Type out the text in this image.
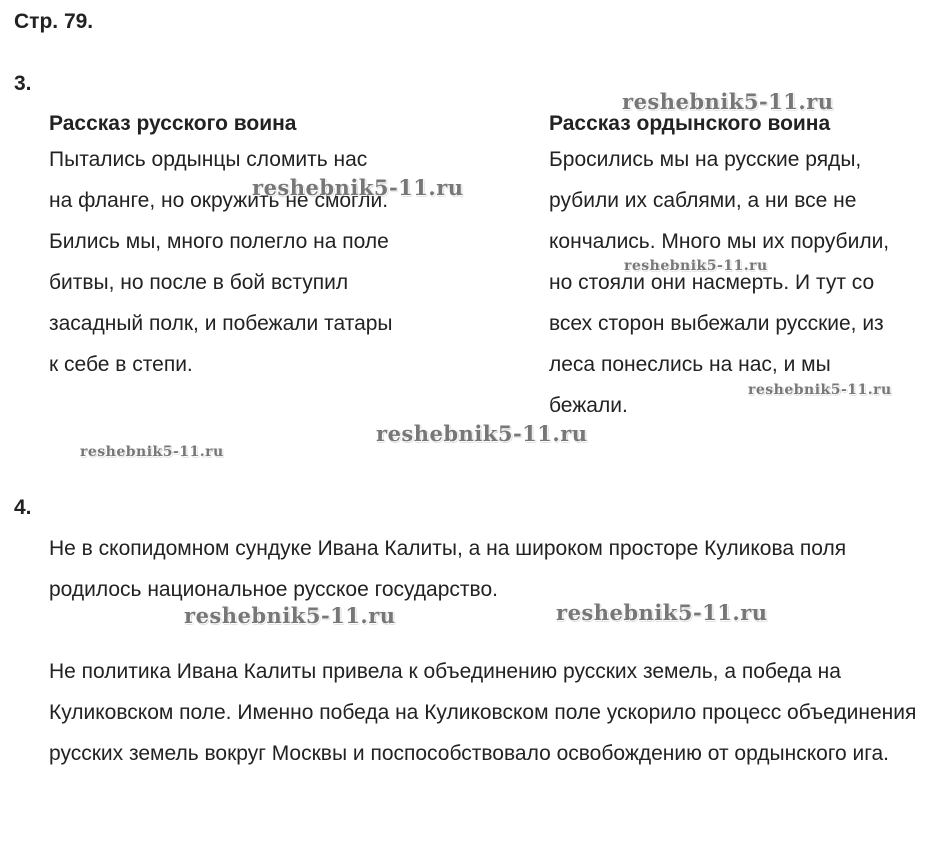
Стр. 79.
3.
Рассказ русского воина
Пытались ордынцы сломить нас
на фланге, но окружить не смогли.
Бились мы, много полегло на поле
битвы, но после в бой вступил
засадный полк, и побежали татары
к себе в степи.
Рассказ ордынского воина
Бросились мы на русские ряды,
рубили их саблями, а ни все не
кончались. Много мы их порубили,
но стояли они насмерть. И тут со
всех сторон выбежали русские, из
леса понеслись на нас, и мы
бежали.
4.
Не в скопидомном сундуке Ивана Калиты, а на широком просторе Куликова поля родилось национальное русское государство.
Не политика Ивана Калиты привела к объединению русских земель, а победа на Куликовском поле. Именно победа на Куликовском поле ускорило процесс объединения русских земель вокруг Москвы и поспособствовало освобождению от ордынского ига.
reshebnik5-11.ru
reshebnik5-11.ru
reshebnik5-11.ru
reshebnik5-11.ru
reshebnik5-11.ru
reshebnik5-11.ru
reshebnik5-11.ru	reshebnik5-11.ru
